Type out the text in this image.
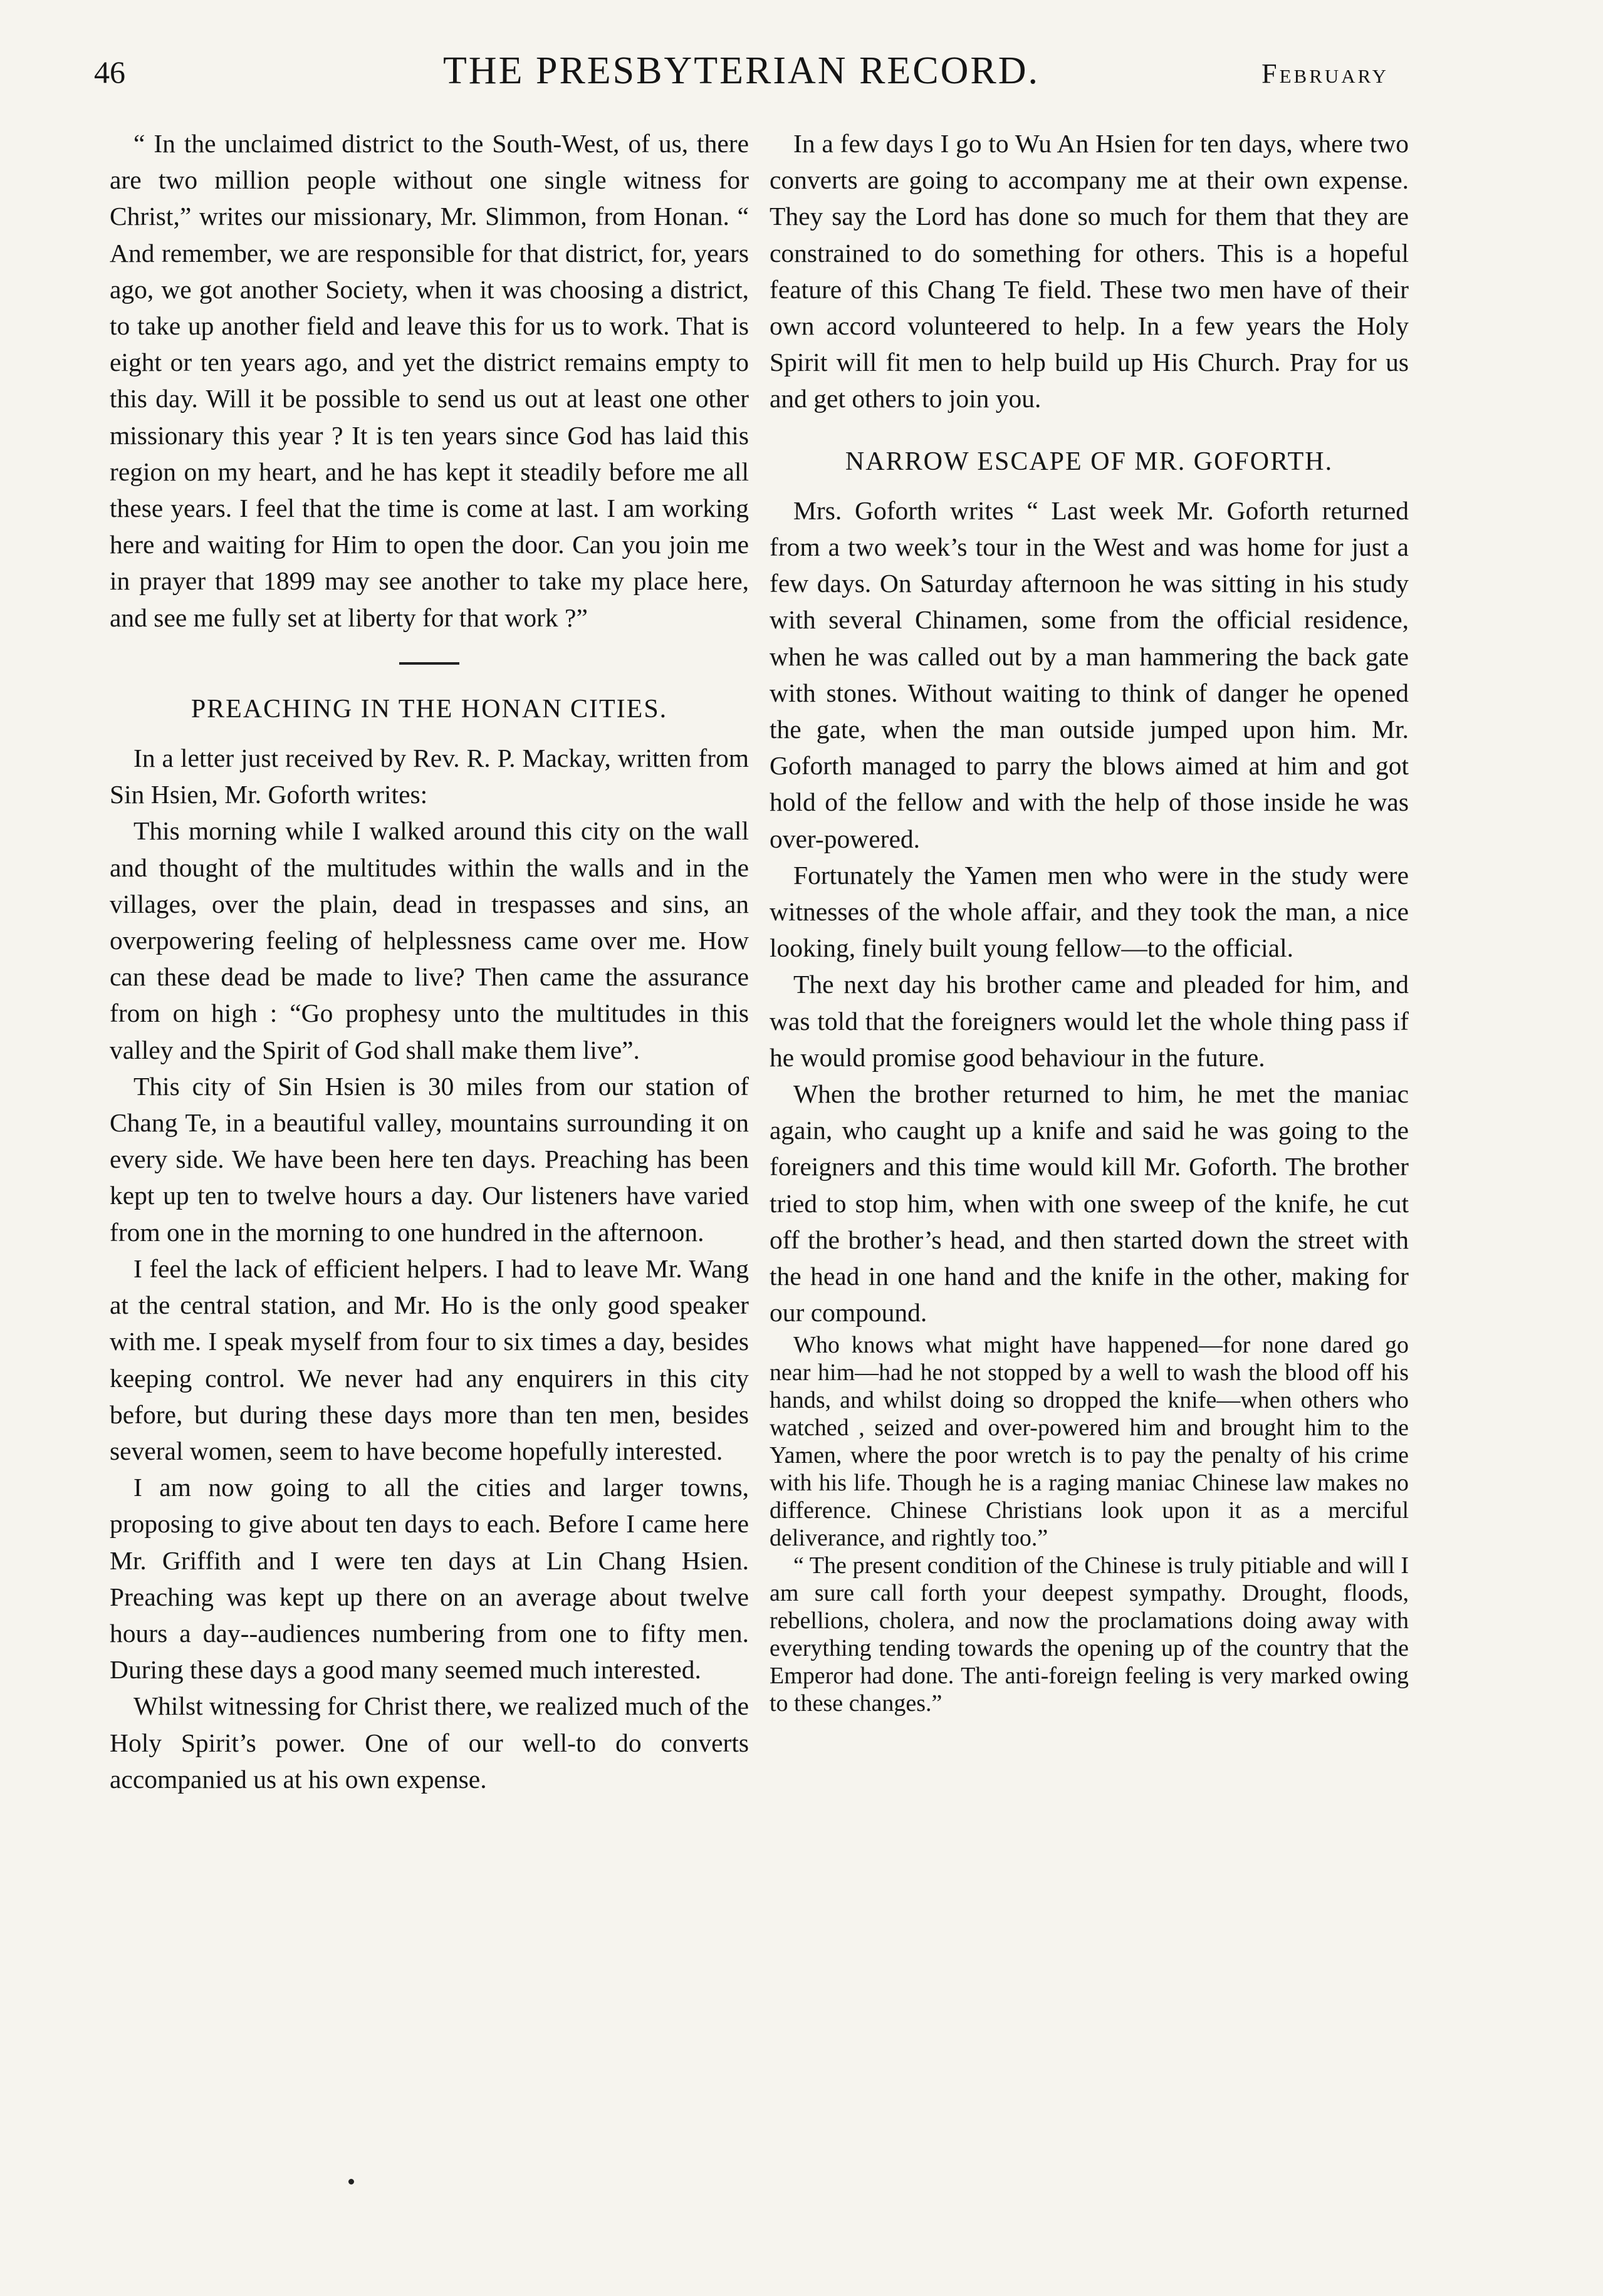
46	THE PRESBYTERIAN RECORD.	February

“ In the unclaimed district to the South-West, of us, there are two million people without one single witness for Christ,” writes our missionary, Mr. Slimmon, from Honan. “ And remember, we are responsible for that district, for, years ago, we got another Society, when it was choosing a district, to take up another field and leave this for us to work. That is eight or ten years ago, and yet the district remains empty to this day. Will it be possible to send us out at least one other missionary this year ? It is ten years since God has laid this region on my heart, and he has kept it steadily before me all these years. I feel that the time is come at last. I am working here and waiting for Him to open the door. Can you join me in prayer that 1899 may see another to take my place here, and see me fully set at liberty for that work ?”

PREACHING IN THE HONAN CITIES.

In a letter just received by Rev. R. P. Mackay, written from Sin Hsien, Mr. Goforth writes:

This morning while I walked around this city on the wall and thought of the multitudes within the walls and in the villages, over the plain, dead in trespasses and sins, an overpowering feeling of helplessness came over me. How can these dead be made to live? Then came the assurance from on high : “Go prophesy unto the multitudes in this valley and the Spirit of God shall make them live”.

This city of Sin Hsien is 30 miles from our station of Chang Te, in a beautiful valley, mountains surrounding it on every side. We have been here ten days. Preaching has been kept up ten to twelve hours a day. Our listeners have varied from one in the morning to one hundred in the afternoon.

I feel the lack of efficient helpers. I had to leave Mr. Wang at the central station, and Mr. Ho is the only good speaker with me. I speak myself from four to six times a day, besides keeping control. We never had any enquirers in this city before, but during these days more than ten men, besides several women, seem to have become hopefully interested.

I am now going to all the cities and larger towns, proposing to give about ten days to each. Before I came here Mr. Griffith and I were ten days at Lin Chang Hsien. Preaching was kept up there on an average about twelve hours a day--audiences numbering from one to fifty men. During these days a good many seemed much interested.

Whilst witnessing for Christ there, we realized much of the Holy Spirit’s power. One of our well-to do converts accompanied us at his own expense.

In a few days I go to Wu An Hsien for ten days, where two converts are going to accompany me at their own expense. They say the Lord has done so much for them that they are constrained to do something for others. This is a hopeful feature of this Chang Te field. These two men have of their own accord volunteered to help. In a few years the Holy Spirit will fit men to help build up His Church. Pray for us and get others to join you.

NARROW ESCAPE OF MR. GOFORTH.

Mrs. Goforth writes “ Last week Mr. Goforth returned from a two week’s tour in the West and was home for just a few days. On Saturday afternoon he was sitting in his study with several Chinamen, some from the official residence, when he was called out by a man hammering the back gate with stones. Without waiting to think of danger he opened the gate, when the man outside jumped upon him. Mr. Goforth managed to parry the blows aimed at him and got hold of the fellow and with the help of those inside he was over-powered.

Fortunately the Yamen men who were in the study were witnesses of the whole affair, and they took the man, a nice looking, finely built young fellow—to the official.

The next day his brother came and pleaded for him, and was told that the foreigners would let the whole thing pass if he would promise good behaviour in the future.

When the brother returned to him, he met the maniac again, who caught up a knife and said he was going to the foreigners and this time would kill Mr. Goforth. The brother tried to stop him, when with one sweep of the knife, he cut off the brother’s head, and then started down the street with the head in one hand and the knife in the other, making for our compound.

Who knows what might have happened—for none dared go near him—had he not stopped by a well to wash the blood off his hands, and whilst doing so dropped the knife—when others who watched , seized and over-powered him and brought him to the Yamen, where the poor wretch is to pay the penalty of his crime with his life. Though he is a raging maniac Chinese law makes no difference. Chinese Christians look upon it as a merciful deliverance, and rightly too.”

“ The present condition of the Chinese is truly pitiable and will I am sure call forth your deepest sympathy. Drought, floods, rebellions, cholera, and now the proclamations doing away with everything tending towards the opening up of the country that the Emperor had done. The anti-foreign feeling is very marked owing to these changes.”
